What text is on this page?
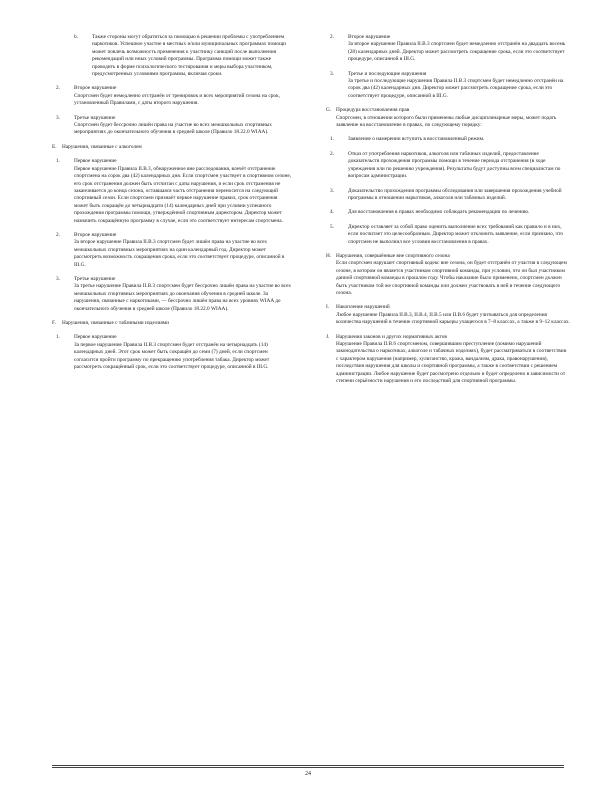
b.	Также стороны могут обратиться за помощью в решении проблемы с употреблением наркотиков. Успешное участие в местных и/или муниципальных программах помощи может повлечь возможность применения к участнику санкций после выполнения рекомендаций или иных условий программы. Программа помощи может также проводить в форме психологического тестирования и меры выбора участником, предусмотренных условиями программы, включая сроки.
2.	Второе нарушение
Спортсмен будет немедленно отстранён от тренировок и всех мероприятий сезона на срок, установленный Правилами, с даты второго нарушения.
3.	Третье нарушение
Спортсмен будет бессрочно лишён права на участие во всех межшкольных спортивных мероприятиях до окончательного обучения в средней школе (Правило 18.22.0 WIAA).
E. Нарушения, связанные с алкоголем
1.	Первое нарушение
Первое нарушение Правила II.B.3, обнаруженное вне расследования, влечёт отстранение спортсмена на сорок два (42) календарных дня. Если спортсмен участвует в спортивном сезоне, его срок отстранения должен быть отсчитан с даты нарушения, и если срок отстранения не заканчивается до конца сезона, оставшаяся часть отстранения переносится на следующий спортивный сезон. Если спортсмен признаёт первое нарушение правил, срок отстранения может быть сокращён до четырнадцати (14) календарных дней при условии успешного прохождения программы помощи, утверждённой спортивным директором. Директор может назначить сокращённую программу в случае, если это соответствует интересам спортсмена.
2.	Второе нарушение
За второе нарушение Правила II.B.3 спортсмен будет лишён права на участие во всех межшкольных спортивных мероприятиях на один календарный год. Директор может рассмотреть возможность сокращения срока, если это соответствует процедуре, описанной в III.G.
3.	Третье нарушение
За третье нарушение Правила II.B.3 спортсмен будет бессрочно лишён права на участие во всех межшкольных спортивных мероприятиях до окончания обучения в средней школе. За нарушения, связанные с наркотиками, — бессрочно лишён права на всех уровнях WIAA до окончательного обучения в средней школе (Правило 18.22.0 WIAA).
F. Нарушения, связанные с табачными изделиями
1.	Первое нарушение
За первое нарушение Правила II.B.3 спортсмен будет отстранён на четырнадцать (14) календарных дней. Этот срок может быть сокращён до семи (7) дней, если спортсмен согласится пройти программу по прекращению употребления табака. Директор может рассмотреть сокращённый срок, если это соответствует процедуре, описанной в III.G.
2.	Второе нарушение
За второе нарушение Правила II.B.3 спортсмен будет немедленно отстранён на двадцать восемь (28) календарных дней. Директор может рассмотреть сокращение срока, если это соответствует процедуре, описанной в III.G.
3.	Третье и последующие нарушения
За третье и последующие нарушения Правила II.B.3 спортсмен будет немедленно отстранён на сорок два (42) календарных дня. Директор может рассмотреть сокращение срока, если это соответствует процедуре, описанной в III.G.
G. Процедура восстановления прав
Спортсмен, в отношении которого были применены любые дисциплинарные меры, может подать заявление на восстановление в правах, по следующему порядку:
1.	Заявление о намерении вступить в восстановленный режим.
2.	Отказ от употребления наркотиков, алкоголя или табачных изделий, предоставление доказательств прохождения программы помощи в течение периода отстранения (в ходе учреждения или по решению учреждения). Результаты будут доступны всем специалистам по вопросам администрации.
3.	Доказательство прохождения программы обследования или завершения прохождения учебной программы в отношении наркотиков, алкоголя или табачных изделий.
4.	Для восстановления в правах необходимо соблюдать рекомендации по лечению.
5.	Директор оставляет за собой право оценить выполнение всех требований как правило и в них, если посчитает это целесообразным. Директор может отклонить заявление, если признано, что спортсмен не выполнил все условия восстановления в правах.
H. Нарушения, совершённые вне спортивного сезона
Если спортсмен нарушает спортивный кодекс вне сезона, он будет отстранён от участия в следующем сезоне, в котором он является участником спортивной команды, при условии, что он был участником данной спортивной команды в прошлом году. Чтобы наказание было применено, спортсмен должен быть участником той же спортивной команды или должен участвовать в ней в течение следующего сезона.
I. Накопление нарушений
Любое нарушение Правила II.B.3, II.B.4, II.B.5 или II.B.6 будет учитываться для определения количества нарушений в течение спортивной карьеры учащегося в 7–8 классах, а также в 9–12 классах.
J. Нарушения законов и других нормативных актов
Нарушение Правила II.B.6 спортсменом, совершившим преступление (помимо нарушений законодательства о наркотиках, алкоголе и табачных изделиях), будет рассматриваться в соответствии с характером нарушения (например, хулиганство, кража, вандализм, драка, правонарушения), последствия нарушения для школы и спортивной программы, а также в соответствии с решением администрации. Любое нарушение будет рассмотрено отдельно и будет определено в зависимости от степени серьёзности нарушения и его последствий для спортивной программы.
24
